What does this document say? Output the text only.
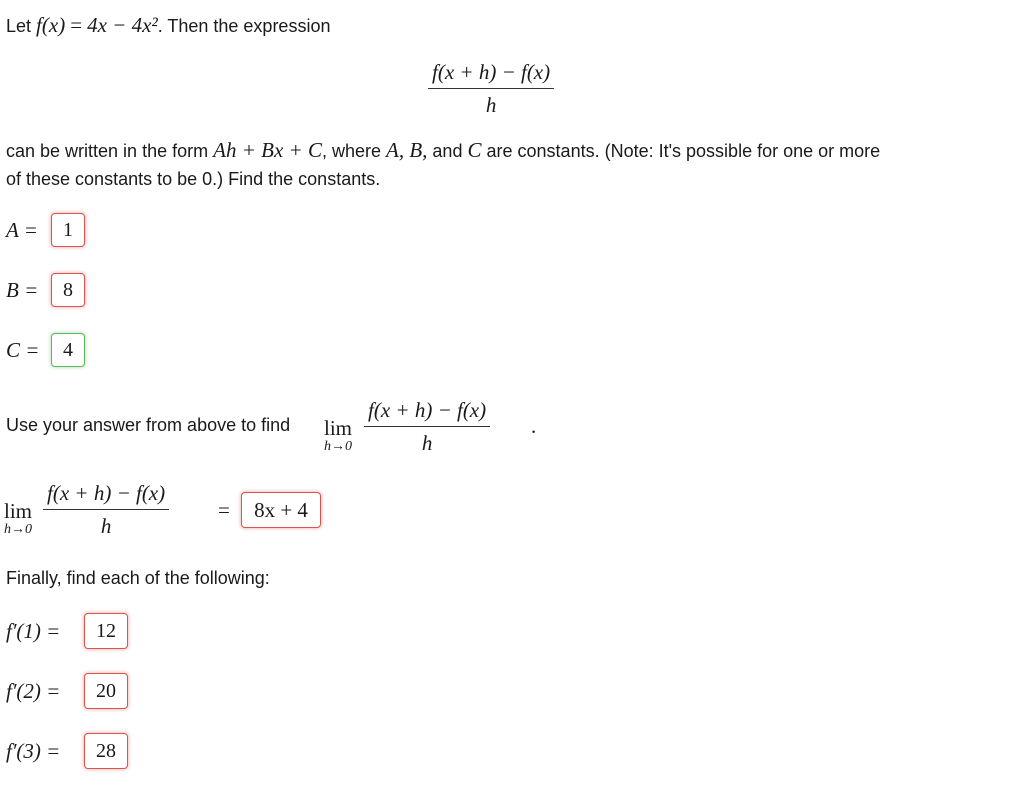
Let f(x) = 4x − 4x². Then the expression
$\frac{f(x + h) - f(x)}{h}$
can be written in the form Ah + Bx + C, where A, B, and C are constants. (Note: It's possible for one or more
of these constants to be 0.) Find the constants.
A = 1
B = 8
C = 4
Use your answer from above to find lim
$h\to 0 \frac{f(x + h) - f(x)}{h}$ .
lim
$h\to 0 \frac{f(x + h) - f(x)}{h} = 8x + 4$
Finally, find each of the following:
f′(1) = 12
f′(2) = 20
f′(3) = 28
